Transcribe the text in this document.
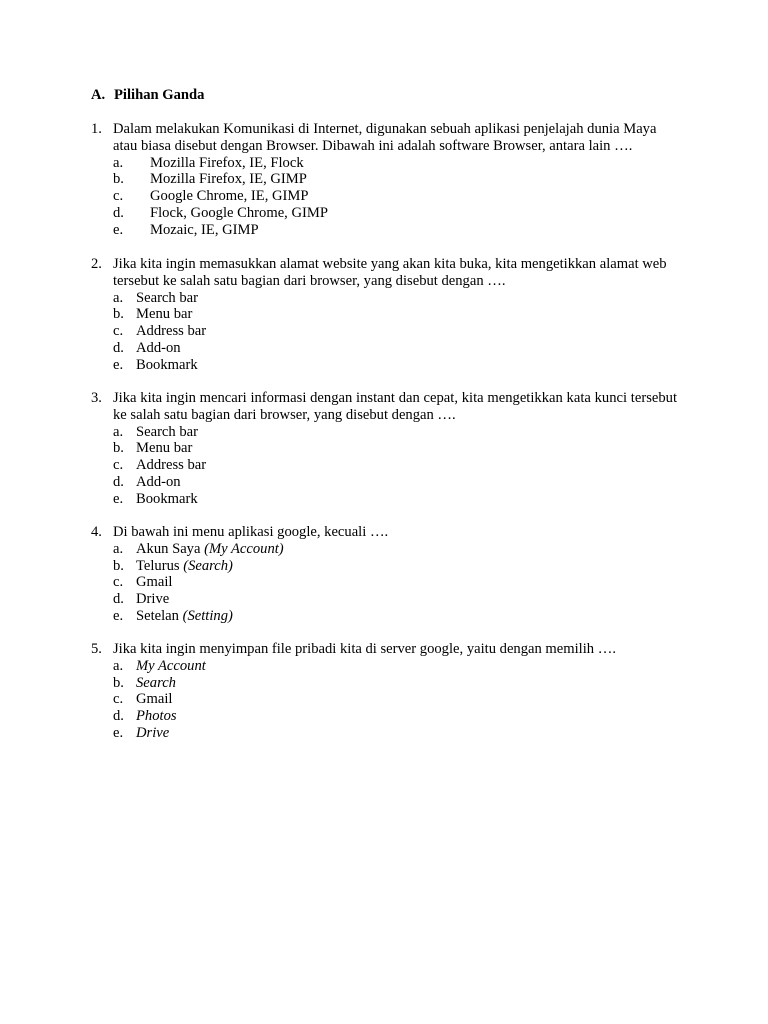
A. Pilihan Ganda
1. Dalam melakukan Komunikasi di Internet, digunakan sebuah aplikasi penjelajah dunia Maya atau biasa disebut dengan Browser. Dibawah ini adalah software Browser, antara lain ….
a. Mozilla Firefox, IE, Flock
b. Mozilla Firefox, IE, GIMP
c. Google Chrome, IE, GIMP
d. Flock, Google Chrome, GIMP
e. Mozaic, IE, GIMP
2. Jika kita ingin memasukkan alamat website yang akan kita buka, kita mengetikkan alamat web tersebut ke salah satu bagian dari browser, yang disebut dengan ….
a. Search bar
b. Menu bar
c. Address bar
d. Add-on
e. Bookmark
3. Jika kita ingin mencari informasi dengan instant dan cepat, kita mengetikkan kata kunci tersebut ke salah satu bagian dari browser, yang disebut dengan ….
a. Search bar
b. Menu bar
c. Address bar
d. Add-on
e. Bookmark
4. Di bawah ini menu aplikasi google, kecuali ….
a. Akun Saya (My Account)
b. Telurus (Search)
c. Gmail
d. Drive
e. Setelan (Setting)
5. Jika kita ingin menyimpan file pribadi kita di server google, yaitu dengan memilih ….
a. My Account
b. Search
c. Gmail
d. Photos
e. Drive
